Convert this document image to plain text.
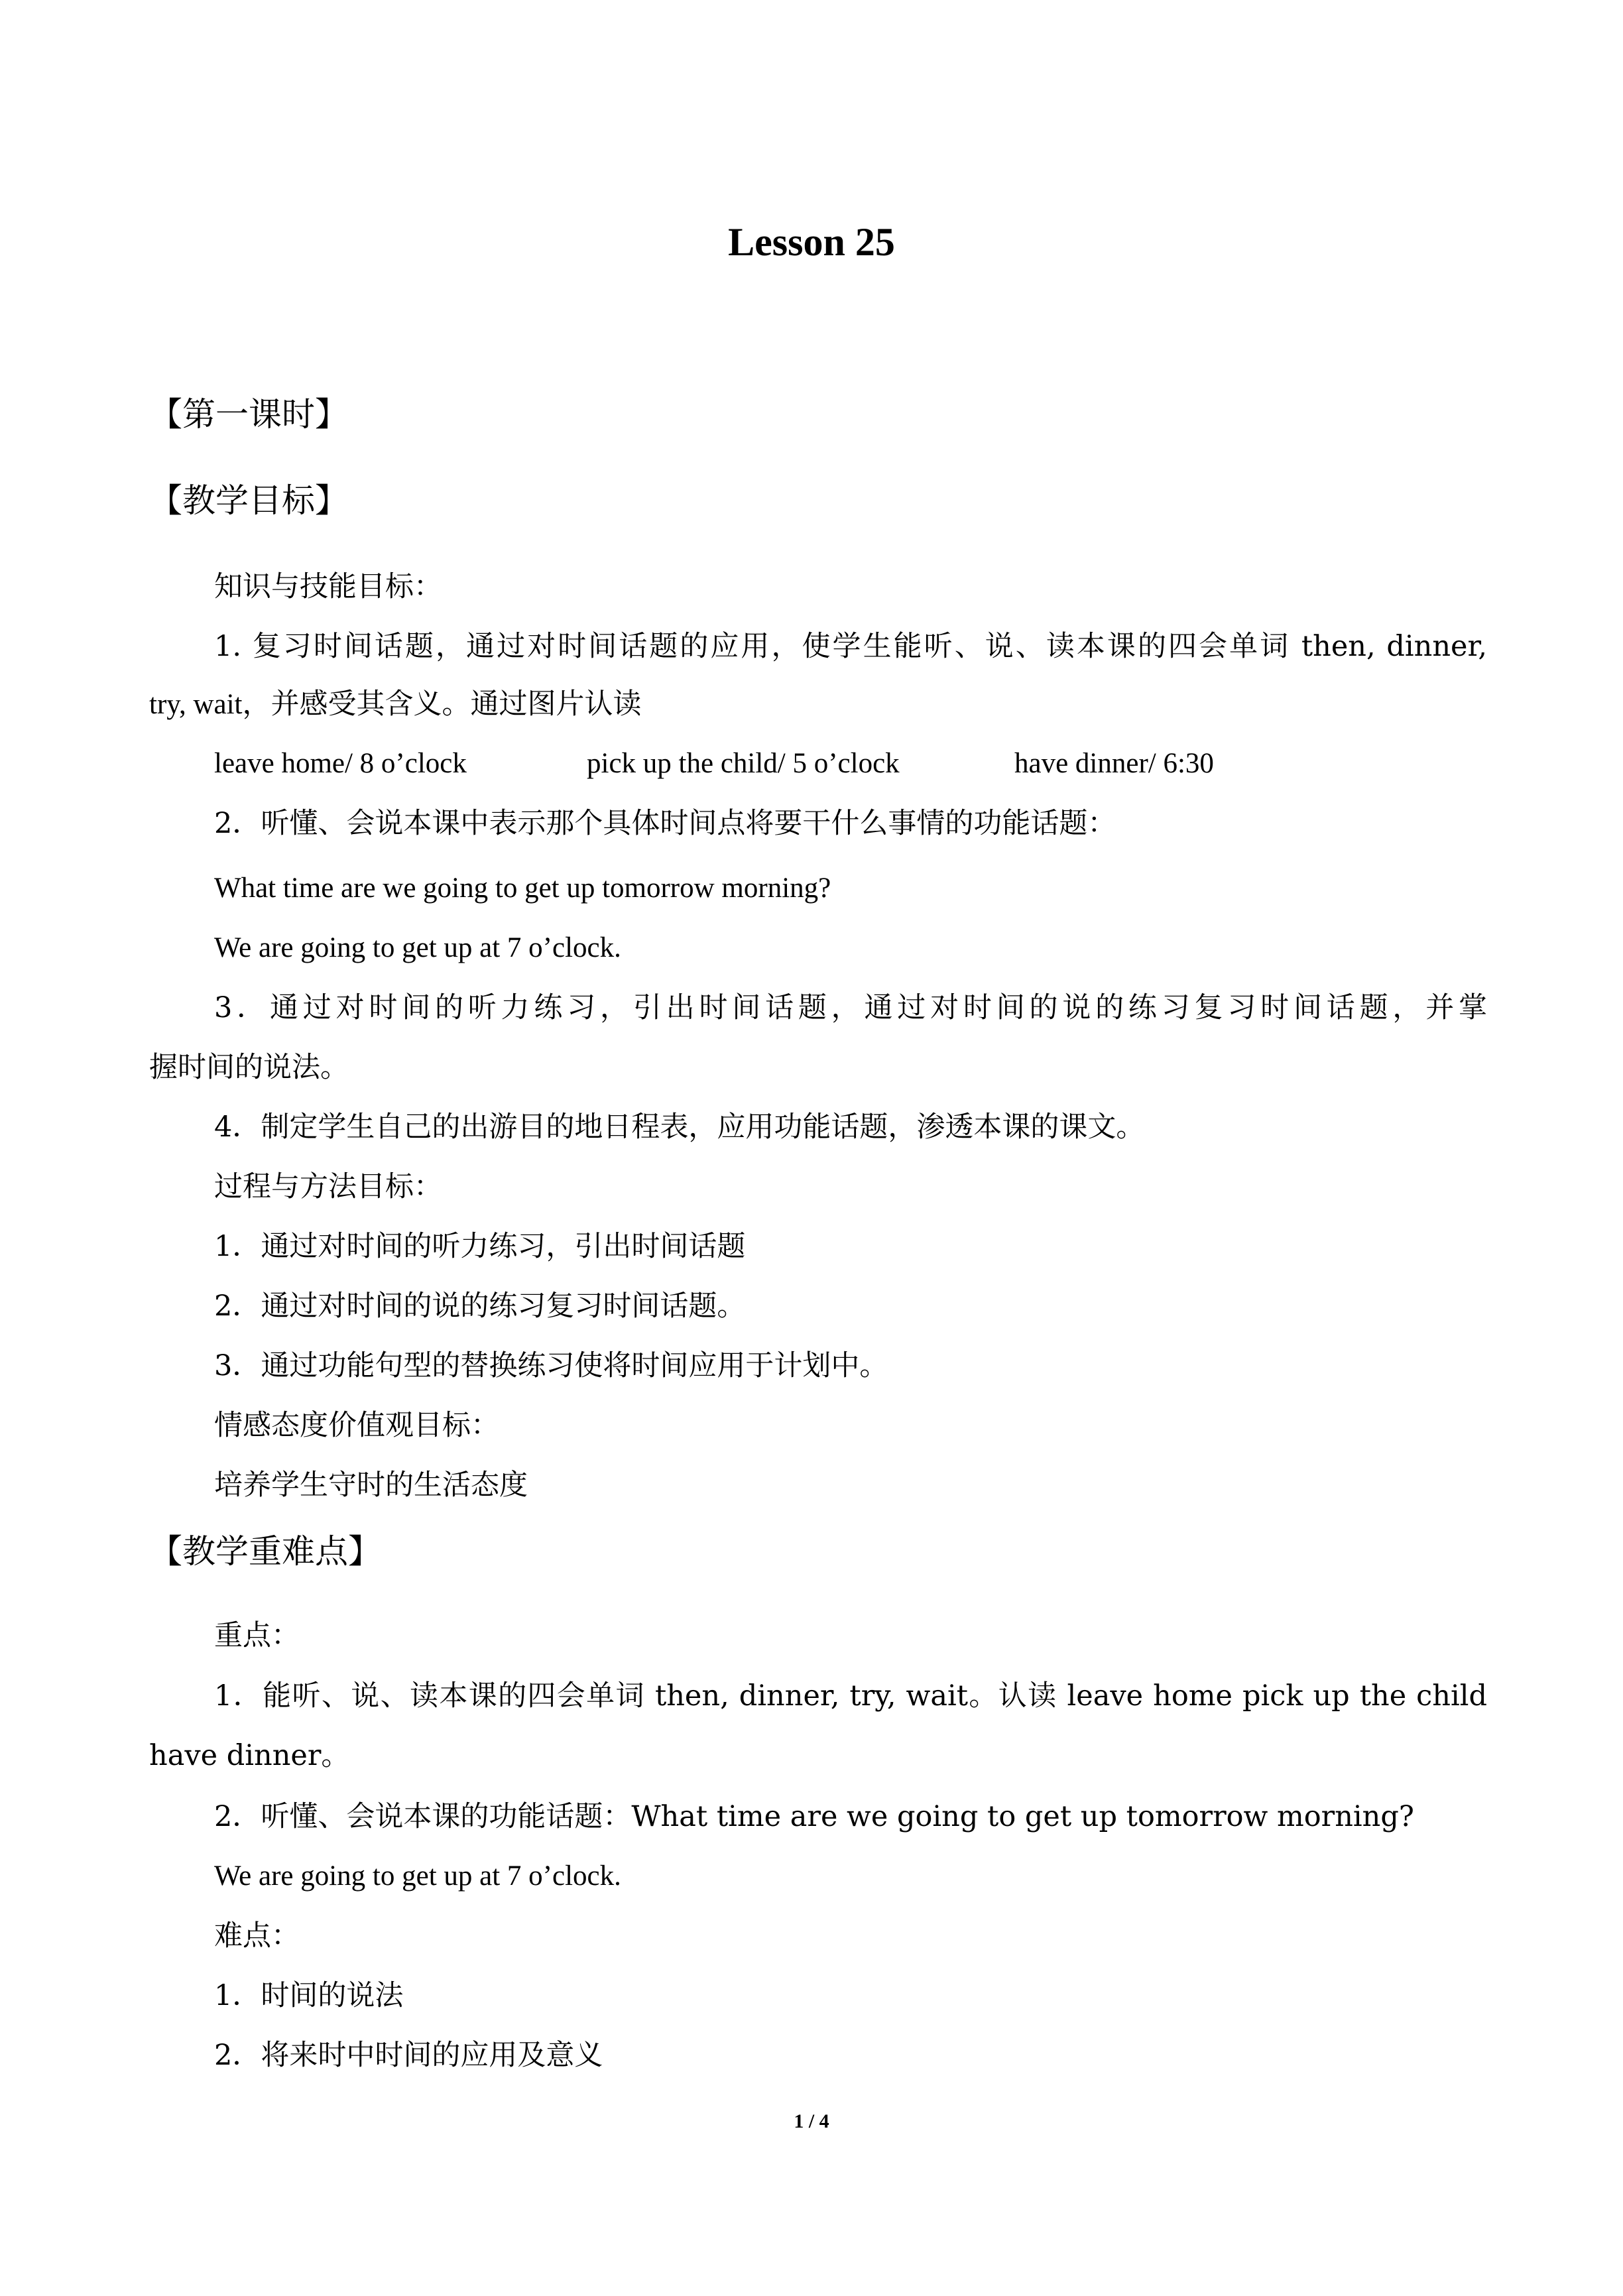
Lesson 25
【第一课时】
【教学目标】
知识与技能目标：
1. 复习时间话题，通过对时间话题的应用，使学生能听、说、读本课的四会单词 then, dinner,
try, wait，并感受其含义。通过图片认读
leave home/ 8 o’clock	pick up the child/ 5 o’clock	have dinner/ 6:30
2．听懂、会说本课中表示那个具体时间点将要干什么事情的功能话题：
What time are we going to get up tomorrow morning?
We are going to get up at 7 o’clock.
3．通过对时间的听力练习，引出时间话题，通过对时间的说的练习复习时间话题，并掌
握时间的说法。
4．制定学生自己的出游目的地日程表，应用功能话题，渗透本课的课文。
过程与方法目标：
1．通过对时间的听力练习，引出时间话题
2．通过对时间的说的练习复习时间话题。
3．通过功能句型的替换练习使将时间应用于计划中。
情感态度价值观目标：
培养学生守时的生活态度
【教学重难点】
重点：
1．能听、说、读本课的四会单词 then, dinner, try, wait。认读 leave home pick up the child
have dinner。
2．听懂、会说本课的功能话题：What time are we going to get up tomorrow morning?
We are going to get up at 7 o’clock.
难点：
1．时间的说法
2．将来时中时间的应用及意义
1 / 4
